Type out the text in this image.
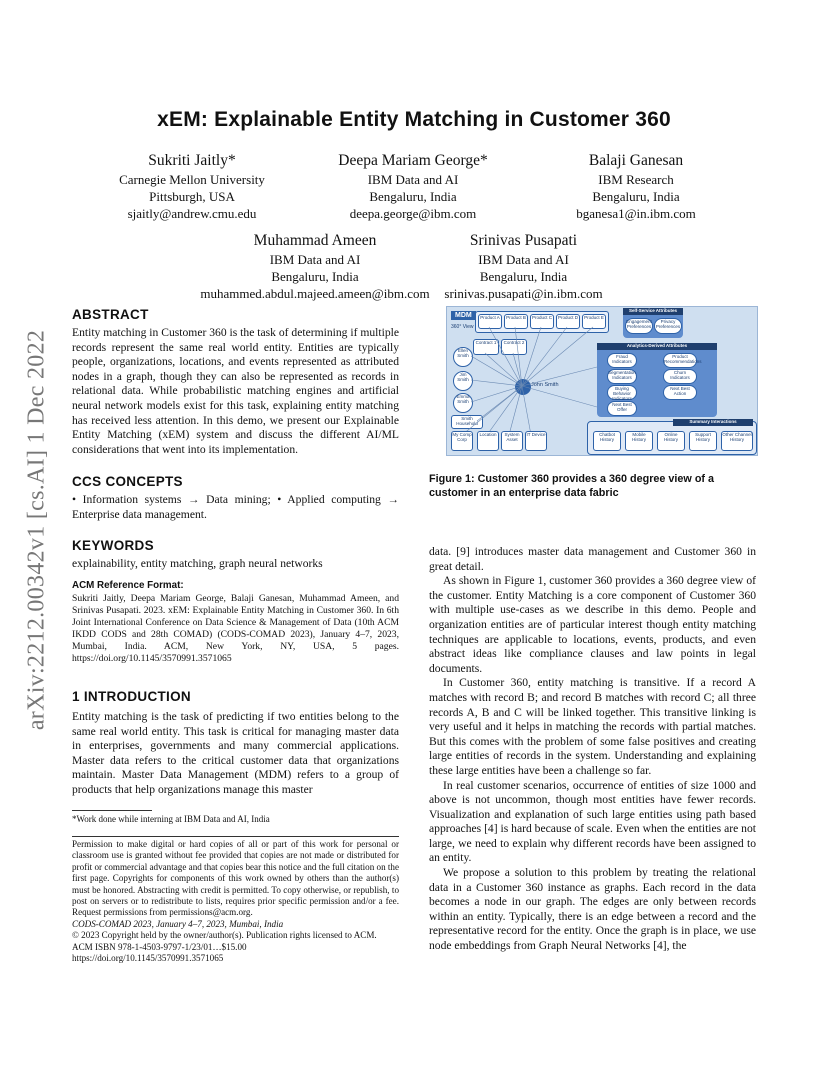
arXiv:2212.00342v1 [cs.AI] 1 Dec 2022
xEM: Explainable Entity Matching in Customer 360
Sukriti Jaitly*
Carnegie Mellon University
Pittsburgh, USA
sjaitly@andrew.cmu.edu
Deepa Mariam George*
IBM Data and AI
Bengaluru, India
deepa.george@ibm.com
Balaji Ganesan
IBM Research
Bengaluru, India
bganesa1@in.ibm.com
Muhammad Ameen
IBM Data and AI
Bengaluru, India
muhammed.abdul.majeed.ameen@ibm.com
Srinivas Pusapati
IBM Data and AI
Bengaluru, India
srinivas.pusapati@in.ibm.com
ABSTRACT

Entity matching in Customer 360 is the task of determining if multiple records represent the same real world entity. Entities are typically people, organizations, locations, and events represented as attributed nodes in a graph, though they can also be represented as records in relational data. While probabilistic matching engines and artificial neural network models exist for this task, explaining entity matching has received less attention. In this demo, we present our Explainable Entity Matching (xEM) system and discuss the different AI/ML considerations that went into its implementation.

CCS CONCEPTS

• Information systems → Data mining; • Applied computing → Enterprise data management.

KEYWORDS

explainability, entity matching, graph neural networks

ACM Reference Format:

Sukriti Jaitly, Deepa Mariam George, Balaji Ganesan, Muhammad Ameen, and Srinivas Pusapati. 2023. xEM: Explainable Entity Matching in Customer 360. In 6th Joint International Conference on Data Science & Management of Data (10th ACM IKDD CODS and 28th COMAD) (CODS-COMAD 2023), January 4–7, 2023, Mumbai, India. ACM, New York, NY, USA, 5 pages. https://doi.org/10.1145/3570991.3571065

1 INTRODUCTION

Entity matching is the task of predicting if two entities belong to the same real world entity. This task is critical for managing master data in enterprises, governments and many commercial applications. Master data refers to the critical customer data that organizations maintain. Master Data Management (MDM) refers to a group of products that help organizations manage this master

*Work done while interning at IBM Data and AI, India

Permission to make digital or hard copies of all or part of this work for personal or classroom use is granted without fee provided that copies are not made or distributed for profit or commercial advantage and that copies bear this notice and the full citation on the first page. Copyrights for components of this work owned by others than the author(s) must be honored. Abstracting with credit is permitted. To copy otherwise, or republish, to post on servers or to redistribute to lists, requires prior specific permission and/or a fee. Request permissions from permissions@acm.org.

CODS-COMAD 2023, January 4–7, 2023, Mumbai, India
© 2023 Copyright held by the owner/author(s). Publication rights licensed to ACM.
ACM ISBN 978-1-4503-9797-1/23/01…$15.00
https://doi.org/10.1145/3570991.3571065
MDM
360° View
Product A	Product B	Product C	Product D	Product E
Contract 1	Contract 2
Ellen Smith
Jim Smith
Emma Smith
Smith Household
John Smith
My Comp Corp
Location	System Asset
IT Device
Self-Service Attributes
Engagement Preferences
Privacy Preferences
Analytics-Derived Attributes
Fraud Indicators
Product Recommendations
Segmentation Indicators
Churn Indicators
Buying Behavior Indicators
Next Best Action
Next Best Offer
Summary Interactions
Chatbot History
Mobile History
Online History
Support History
Other Channel History
Figure 1: Customer 360 provides a 360 degree view of a customer in an enterprise data fabric

data. [9] introduces master data management and Customer 360 in great detail.

As shown in Figure 1, customer 360 provides a 360 degree view of the customer. Entity Matching is a core component of Customer 360 with multiple use-cases as we describe in this demo. People and organization entities are of particular interest though entity matching techniques are applicable to locations, events, products, and even abstract ideas like compliance clauses and law points in legal documents.

In Customer 360, entity matching is transitive. If a record A matches with record B; and record B matches with record C; all three records A, B and C will be linked together. This transitive linking is very useful and it helps in matching the records with partial matches. But this comes with the problem of some false positives and creating large entities of records in the system. Understanding and explaining these large entities have been a challenge so far.

In real customer scenarios, occurrence of entities of size 1000 and above is not uncommon, though most entities have fewer records. Visualization and explanation of such large entities using path based approaches [4] is hard because of scale. Even when the entities are not large, we need to explain why different records have been assigned to an entity.

We propose a solution to this problem by treating the relational data in a Customer 360 instance as graphs. Each record in the data becomes a node in our graph. The edges are only between records within an entity. Typically, there is an edge between a record and the representative record for the entity. Once the graph is in place, we use node embeddings from Graph Neural Networks [4], the
